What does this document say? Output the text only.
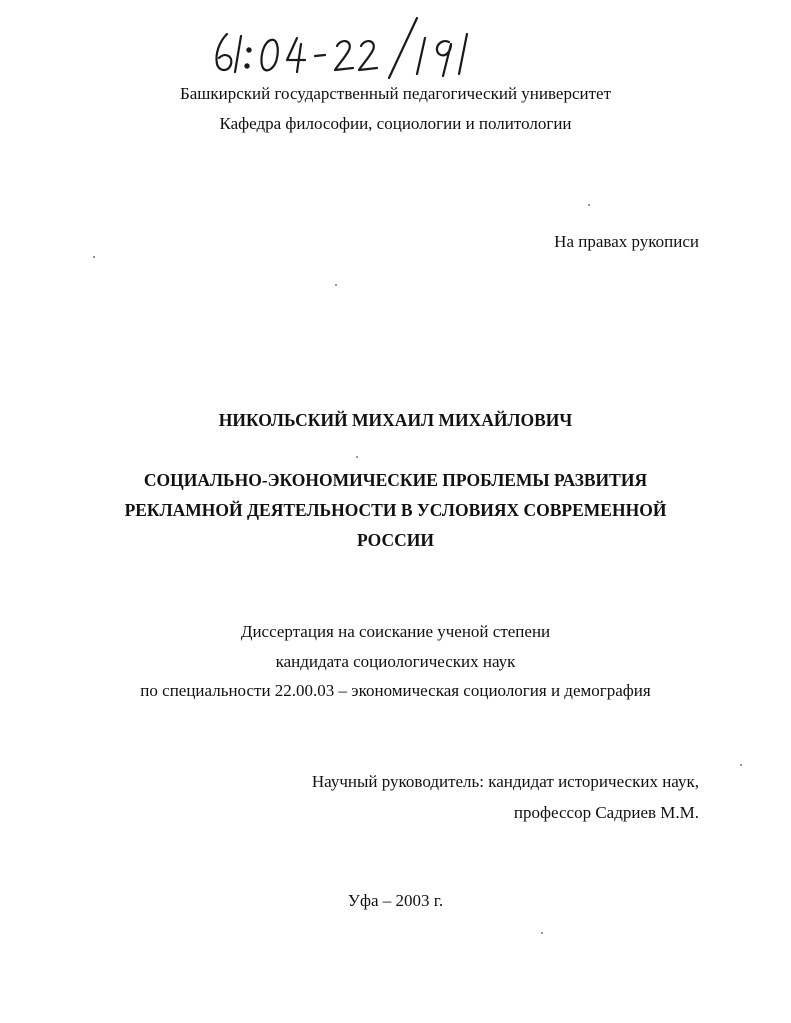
Башкирский государственный педагогический университет
Кафедра философии, социологии и политологии
На правах рукописи
НИКОЛЬСКИЙ МИХАИЛ МИХАЙЛОВИЧ
СОЦИАЛЬНО-ЭКОНОМИЧЕСКИЕ ПРОБЛЕМЫ РАЗВИТИЯ
РЕКЛАМНОЙ ДЕЯТЕЛЬНОСТИ В УСЛОВИЯХ СОВРЕМЕННОЙ
РОССИИ
Диссертация на соискание ученой степени
кандидата социологических наук
по специальности 22.00.03 – экономическая социология и демография
Научный руководитель: кандидат исторических наук,
профессор Садриев М.М.
Уфа – 2003 г.
